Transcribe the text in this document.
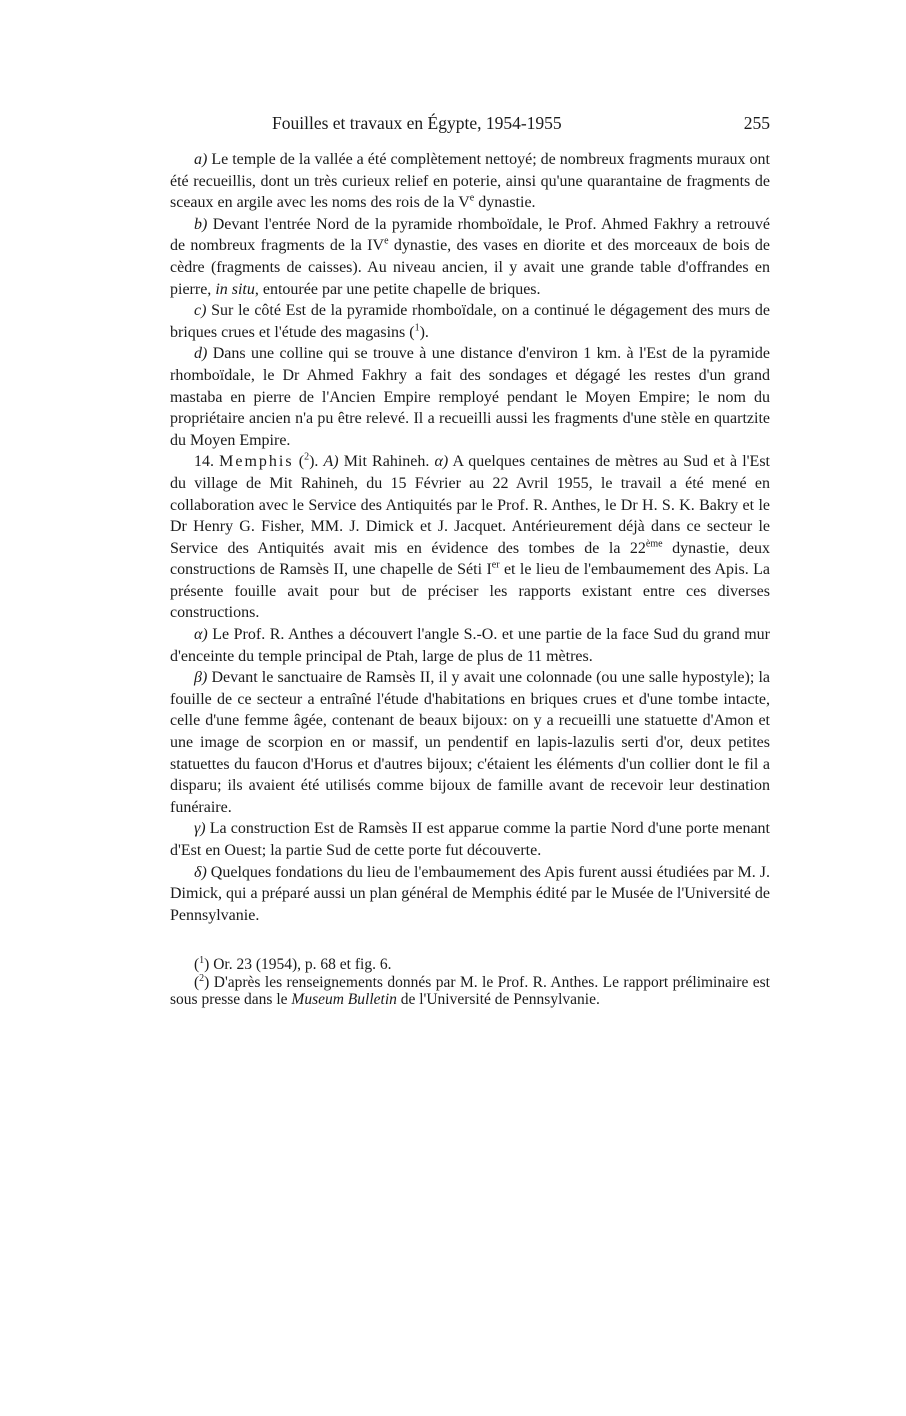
Fouilles et travaux en Égypte, 1954-1955	255

a) Le temple de la vallée a été complètement nettoyé; de nombreux fragments muraux ont été recueillis, dont un très curieux relief en poterie, ainsi qu'une quarantaine de fragments de sceaux en argile avec les noms des rois de la Ve dynastie.

b) Devant l'entrée Nord de la pyramide rhomboïdale, le Prof. Ahmed Fakhry a retrouvé de nombreux fragments de la IVe dynastie, des vases en diorite et des morceaux de bois de cèdre (fragments de caisses). Au niveau ancien, il y avait une grande table d'offrandes en pierre, in situ, entourée par une petite chapelle de briques.

c) Sur le côté Est de la pyramide rhomboïdale, on a continué le dégagement des murs de briques crues et l'étude des magasins ($^1$).

d) Dans une colline qui se trouve à une distance d'environ 1 km. à l'Est de la pyramide rhomboïdale, le Dr Ahmed Fakhry a fait des sondages et dégagé les restes d'un grand mastaba en pierre de l'Ancien Empire remployé pendant le Moyen Empire; le nom du propriétaire ancien n'a pu être relevé. Il a recueilli aussi les fragments d'une stèle en quartzite du Moyen Empire.

14. Memphis ($^2$). A) Mit Rahineh. α) A quelques centaines de mètres au Sud et à l'Est du village de Mit Rahineh, du 15 Février au 22 Avril 1955, le travail a été mené en collaboration avec le Service des Antiquités par le Prof. R. Anthes, le Dr H. S. K. Bakry et le Dr Henry G. Fisher, MM. J. Dimick et J. Jacquet. Antérieurement déjà dans ce secteur le Service des Antiquités avait mis en évidence des tombes de la 22ème dynastie, deux constructions de Ramsès II, une chapelle de Séti Ier et le lieu de l'embaumement des Apis. La présente fouille avait pour but de préciser les rapports existant entre ces diverses constructions.

α) Le Prof. R. Anthes a découvert l'angle S.-O. et une partie de la face Sud du grand mur d'enceinte du temple principal de Ptah, large de plus de 11 mètres.

β) Devant le sanctuaire de Ramsès II, il y avait une colonnade (ou une salle hypostyle); la fouille de ce secteur a entraîné l'étude d'habitations en briques crues et d'une tombe intacte, celle d'une femme âgée, contenant de beaux bijoux: on y a recueilli une statuette d'Amon et une image de scorpion en or massif, un pendentif en lapis-lazulis serti d'or, deux petites statuettes du faucon d'Horus et d'autres bijoux; c'étaient les éléments d'un collier dont le fil a disparu; ils avaient été utilisés comme bijoux de famille avant de recevoir leur destination funéraire.

γ) La construction Est de Ramsès II est apparue comme la partie Nord d'une porte menant d'Est en Ouest; la partie Sud de cette porte fut découverte.

δ) Quelques fondations du lieu de l'embaumement des Apis furent aussi étudiées par M. J. Dimick, qui a préparé aussi un plan général de Memphis édité par le Musée de l'Université de Pennsylvanie.

($^1$) Or. 23 (1954), p. 68 et fig. 6.

($^2$) D'après les renseignements donnés par M. le Prof. R. Anthes. Le rapport préliminaire est sous presse dans le Museum Bulletin de l'Université de Pennsylvanie.
